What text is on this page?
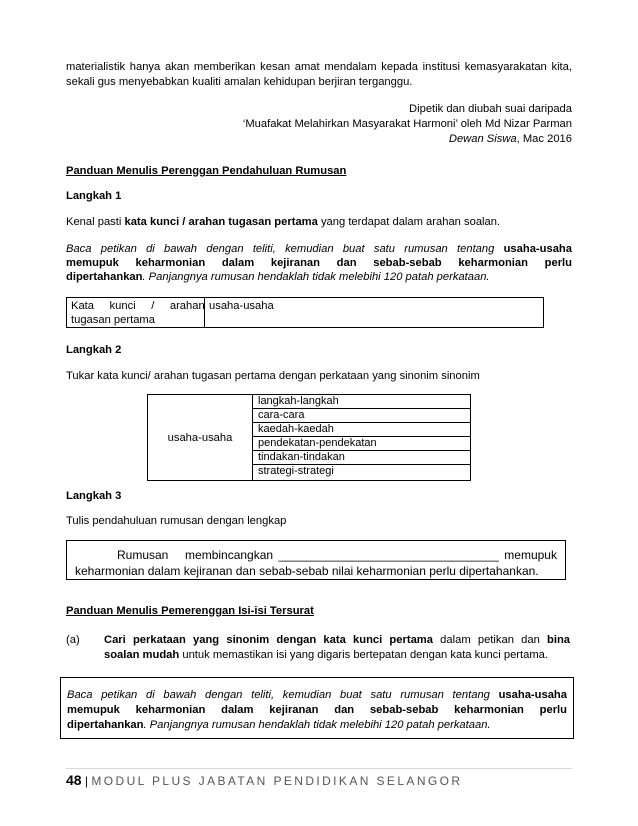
materialistik hanya akan memberikan kesan amat mendalam kepada institusi kemasyarakatan kita,
sekali gus menyebabkan kualiti amalan kehidupan berjiran terganggu.
Dipetik dan diubah suai daripada
‘Muafakat Melahirkan Masyarakat Harmoni’ oleh Md Nizar Parman
Dewan Siswa, Mac 2016
Panduan Menulis Perenggan Pendahuluan Rumusan
Langkah 1
Kenal pasti kata kunci / arahan tugasan pertama yang terdapat dalam arahan soalan.
Baca petikan di bawah dengan teliti, kemudian buat satu rumusan tentang usaha-usaha
memupuk keharmonian dalam kejiranan dan sebab-sebab keharmonian perlu
dipertahankan. Panjangnya rumusan hendaklah tidak melebihi 120 patah perkataan.
Kata     kunci     /     arahan
tugasan pertama
usaha-usaha
Langkah 2
Tukar kata kunci/ arahan tugasan pertama dengan perkataan yang sinonim sinonim
usaha-usaha
langkah-langkah
cara-cara
kaedah-kaedah
pendekatan-pendekatan
tindakan-tindakan
strategi-strategi
Langkah 3
Tulis pendahuluan rumusan dengan lengkap
Rumusan     membincangkan _________________________________ memupuk
keharmonian dalam kejiranan dan sebab-sebab nilai keharmonian perlu dipertahankan.
Panduan Menulis Pemerenggan Isi-isi Tersurat
(a)	Cari perkataan yang sinonim dengan kata kunci pertama dalam petikan dan bina
soalan mudah untuk memastikan isi yang digaris bertepatan dengan kata kunci pertama.
Baca petikan di bawah dengan teliti, kemudian buat satu rumusan tentang usaha-usaha
memupuk keharmonian dalam kejiranan dan sebab-sebab keharmonian perlu
dipertahankan. Panjangnya rumusan hendaklah tidak melebihi 120 patah perkataan.
48 | MODUL PLUS JABATAN PENDIDIKAN SELANGOR
